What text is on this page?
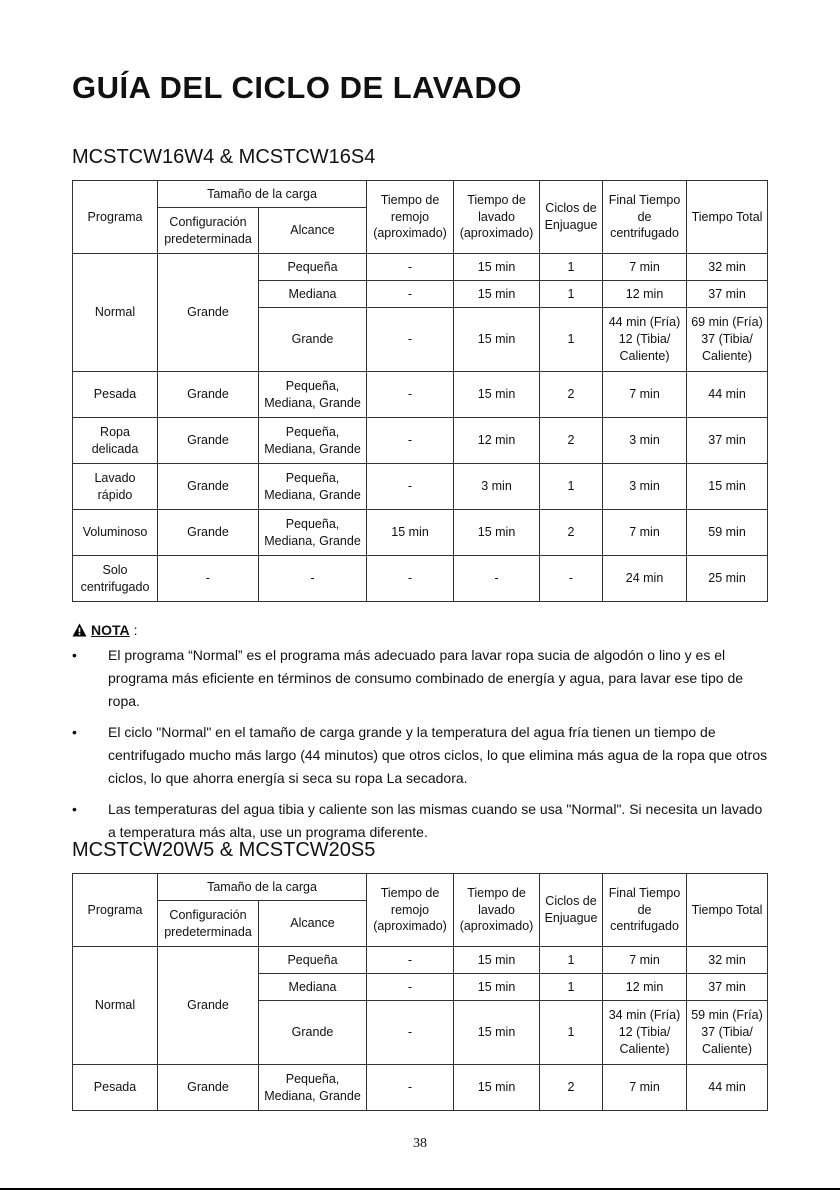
GUÍA DEL CICLO DE LAVADO
MCSTCW16W4 & MCSTCW16S4
Programa	Tamaño de la carga		Tiempo de remojo (aproximado)	Tiempo de lavado (aproximado)	Ciclos de Enjuague	Final Tiempo de centrifugado	Tiempo Total
	Configuración predeterminada	Alcance					
Normal	Grande	Pequeña	-	15 min	1	7 min	32 min
		Mediana	-	15 min	1	12 min	37 min
		Grande	-	15 min	1	44 min (Fría) 12 (Tibia/ Caliente)	69 min (Fría) 37 (Tibia/ Caliente)
Pesada	Grande	Pequeña, Mediana, Grande	-	15 min	2	7 min	44 min
Ropa delicada	Grande	Pequeña, Mediana, Grande	-	12 min	2	3 min	37 min
Lavado rápido	Grande	Pequeña, Mediana, Grande	-	3 min	1	3 min	15 min
Voluminoso	Grande	Pequeña, Mediana, Grande	15 min	15 min	2	7 min	59 min
Solo centrifugado	-	-	-	-	-	24 min	25 min
NOTA :
•	El programa “Normal” es el programa más adecuado para lavar ropa sucia de algodón o lino y es el programa más eficiente en términos de consumo combinado de energía y agua, para lavar ese tipo de ropa.
•	El ciclo "Normal" en el tamaño de carga grande y la temperatura del agua fría tienen un tiempo de centrifugado mucho más largo (44 minutos) que otros ciclos, lo que elimina más agua de la ropa que otros ciclos, lo que ahorra energía si seca su ropa La secadora.
•	Las temperaturas del agua tibia y caliente son las mismas cuando se usa "Normal". Si necesita un lavado a temperatura más alta, use un programa diferente.
MCSTCW20W5 & MCSTCW20S5
Programa	Tamaño de la carga		Tiempo de remojo (aproximado)	Tiempo de lavado (aproximado)	Ciclos de Enjuague	Final Tiempo de centrifugado	Tiempo Total
	Configuración predeterminada	Alcance					
Normal	Grande	Pequeña	-	15 min	1	7 min	32 min
		Mediana	-	15 min	1	12 min	37 min
		Grande	-	15 min	1	34 min (Fría) 12 (Tibia/ Caliente)	59 min (Fría) 37 (Tibia/ Caliente)
Pesada	Grande	Pequeña, Mediana, Grande	-	15 min	2	7 min	44 min
38
